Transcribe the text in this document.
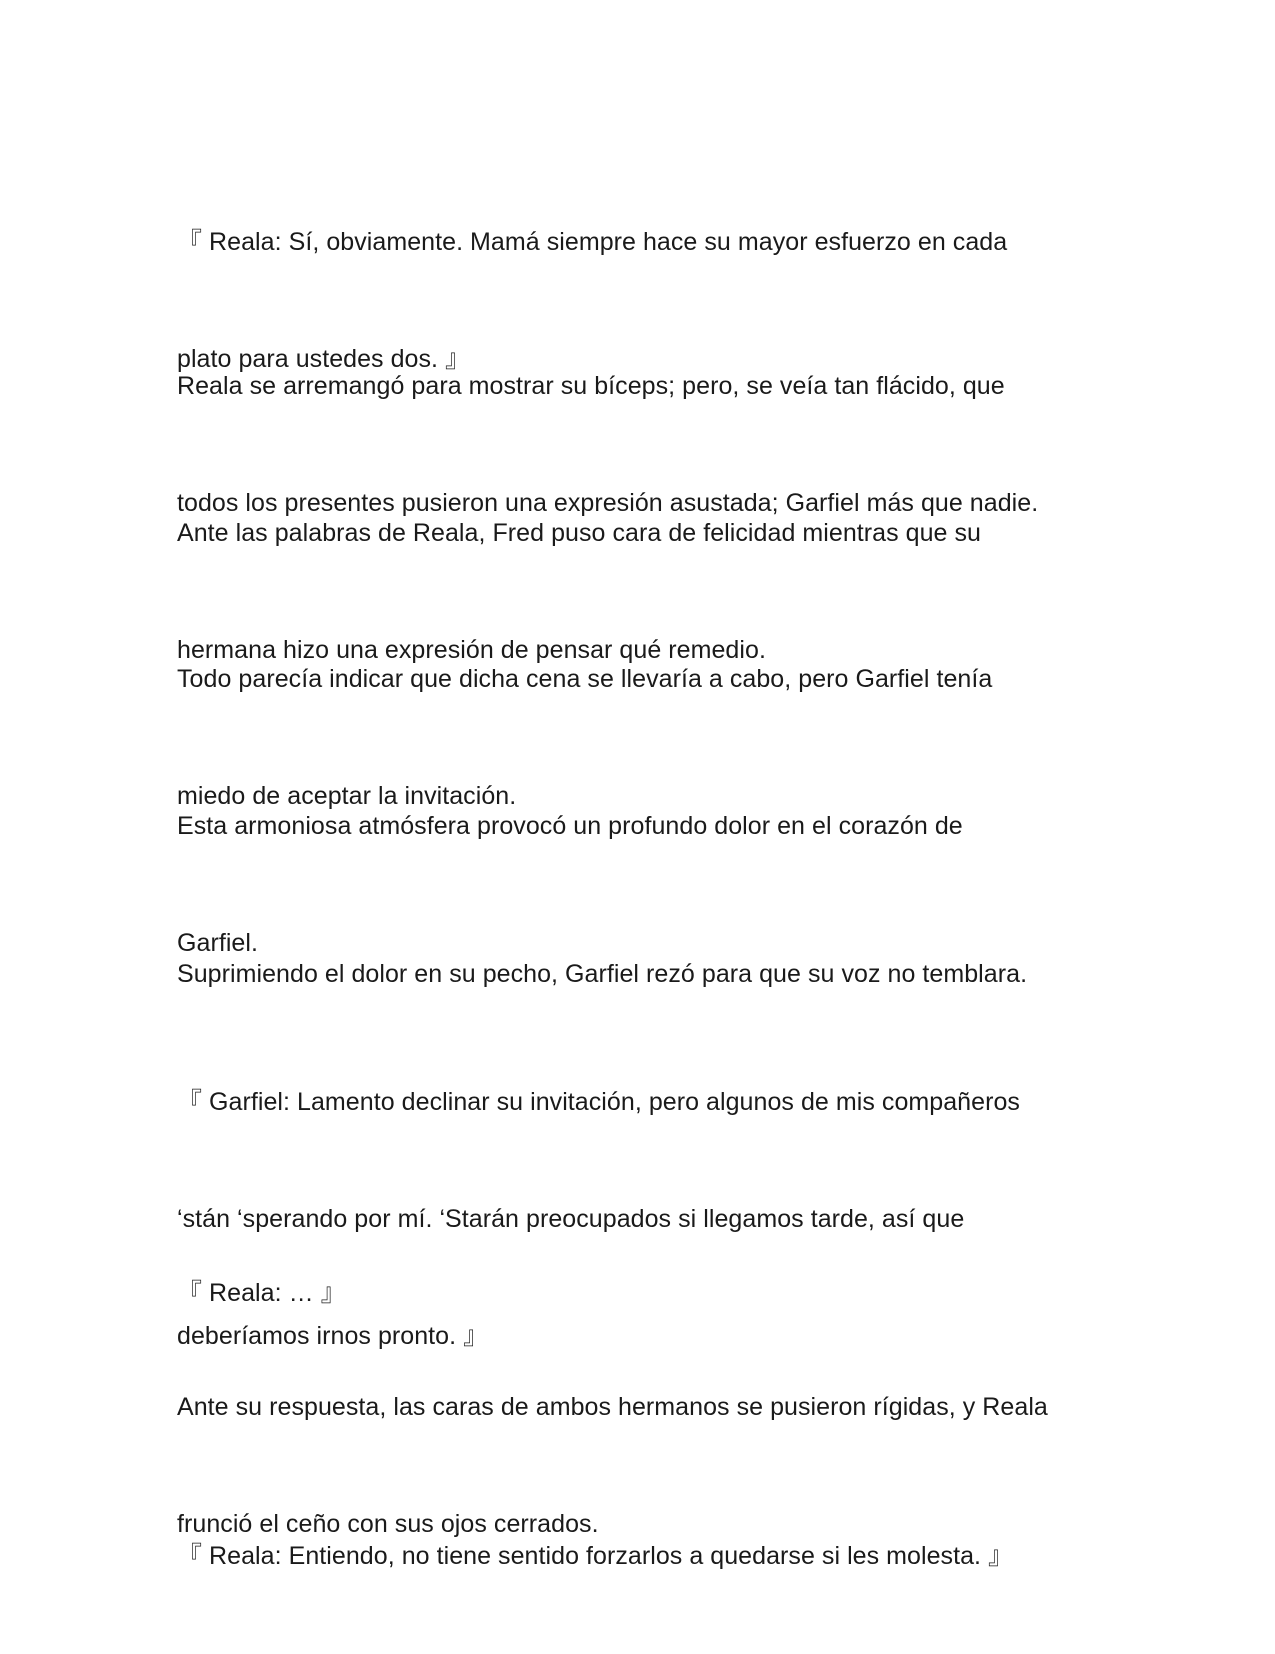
『 Reala: Sí, obviamente. Mamá siempre hace su mayor esfuerzo en cada

plato para ustedes dos. 』

Reala se arremangó para mostrar su bíceps; pero, se veía tan flácido, que

todos los presentes pusieron una expresión asustada; Garfiel más que nadie.

Ante las palabras de Reala, Fred puso cara de felicidad mientras que su

hermana hizo una expresión de pensar qué remedio.

Todo parecía indicar que dicha cena se llevaría a cabo, pero Garfiel tenía

miedo de aceptar la invitación.

Esta armoniosa atmósfera provocó un profundo dolor en el corazón de

Garfiel.

Suprimiendo el dolor en su pecho, Garfiel rezó para que su voz no temblara.

『 Garfiel: Lamento declinar su invitación, pero algunos de mis compañeros

‘stán ‘sperando por mí. ‘Starán preocupados si llegamos tarde, así que

deberíamos irnos pronto. 』

『 Reala: … 』

Ante su respuesta, las caras de ambos hermanos se pusieron rígidas, y Reala

frunció el ceño con sus ojos cerrados.

『 Reala: Entiendo, no tiene sentido forzarlos a quedarse si les molesta. 』
